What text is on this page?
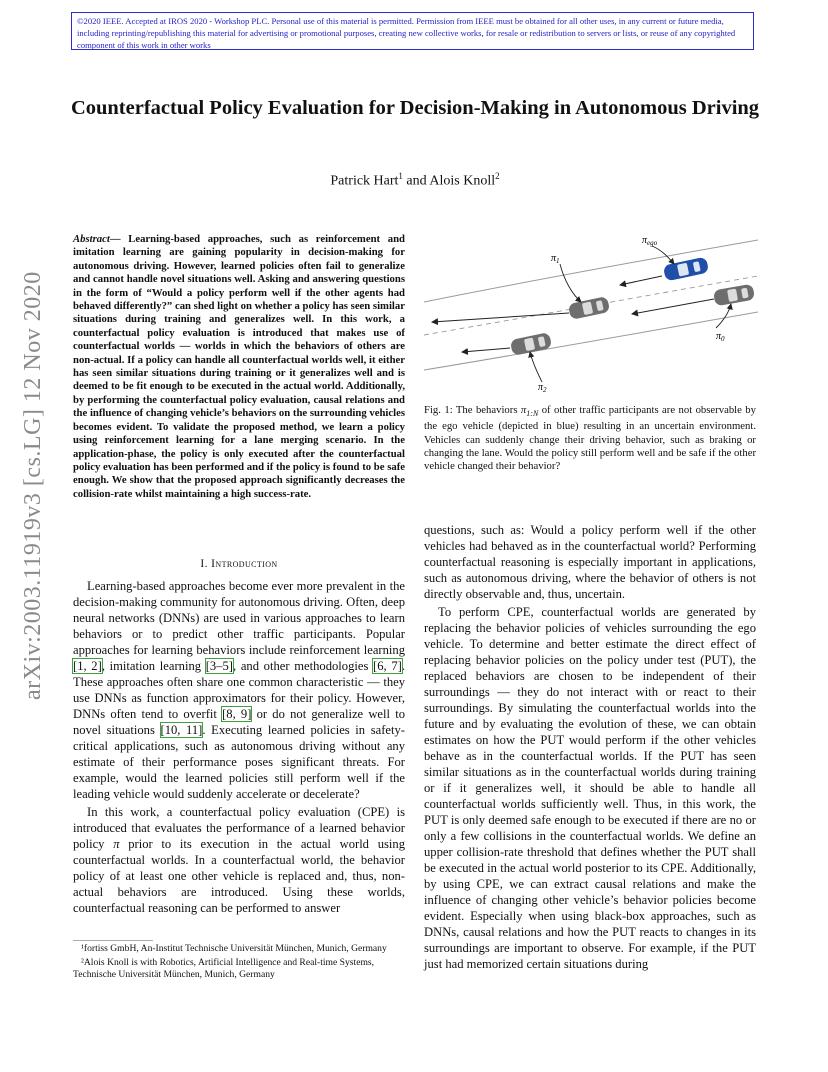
©2020 IEEE. Accepted at IROS 2020 - Workshop PLC. Personal use of this material is permitted. Permission from IEEE must be obtained for all other uses, in any current or future media, including reprinting/republishing this material for advertising or promotional purposes, creating new collective works, for resale or redistribution to servers or lists, or reuse of any copyrighted component of this work in other works
Counterfactual Policy Evaluation for Decision-Making in Autonomous Driving
Patrick Hart$^1$ and Alois Knoll$^2$
arXiv:2003.11919v3 [cs.LG] 12 Nov 2020
Abstract— Learning-based approaches, such as reinforcement and imitation learning are gaining popularity in decision-making for autonomous driving. However, learned policies often fail to generalize and cannot handle novel situations well. Asking and answering questions in the form of “Would a policy perform well if the other agents had behaved differently?” can shed light on whether a policy has seen similar situations during training and generalizes well. In this work, a counterfactual policy evaluation is introduced that makes use of counterfactual worlds — worlds in which the behaviors of others are non-actual. If a policy can handle all counterfactual worlds well, it either has seen similar situations during training or it generalizes well and is deemed to be fit enough to be executed in the actual world. Additionally, by performing the counterfactual policy evaluation, causal relations and the influence of changing vehicle’s behaviors on the surrounding vehicles becomes evident. To validate the proposed method, we learn a policy using reinforcement learning for a lane merging scenario. In the application-phase, the policy is only executed after the counterfactual policy evaluation has been performed and if the policy is found to be safe enough. We show that the proposed approach significantly decreases the collision-rate whilst maintaining a high success-rate.
I. Introduction

Learning-based approaches become ever more prevalent in the decision-making community for autonomous driving. Often, deep neural networks (DNNs) are used in various approaches to learn behaviors or to predict other traffic participants. Popular approaches for learning behaviors include reinforcement learning [1, 2], imitation learning [3–5], and other methodologies [6, 7]. These approaches often share one common characteristic — they use DNNs as function approximators for their policy. However, DNNs often tend to overfit [8, 9] or do not generalize well to novel situations [10, 11]. Executing learned policies in safety-critical applications, such as autonomous driving without any estimate of their performance poses significant threats. For example, would the learned policies still perform well if the leading vehicle would suddenly accelerate or decelerate?

In this work, a counterfactual policy evaluation (CPE) is introduced that evaluates the performance of a learned behavior policy π prior to its execution in the actual world using counterfactual worlds. In a counterfactual world, the behavior policy of at least one other vehicle is replaced and, thus, non-actual behaviors are introduced. Using these worlds, counterfactual reasoning can be performed to answer

¹fortiss GmbH, An-Institut Technische Universität München, Munich, Germany
²Alois Knoll is with Robotics, Artificial Intelligence and Real-time Systems, Technische Universität München, Munich, Germany
$\pi_{ego}$
$\pi_1$
$\pi_0$
$\pi_2$
Fig. 1: The behaviors $\pi_{1:N}$ of other traffic participants are not observable by the ego vehicle (depicted in blue) resulting in an uncertain environment. Vehicles can suddenly change their driving behavior, such as braking or changing the lane. Would the policy still perform well and be safe if the other vehicle changed their behavior?

questions, such as: Would a policy perform well if the other vehicles had behaved as in the counterfactual world? Performing counterfactual reasoning is especially important in applications, such as autonomous driving, where the behavior of others is not directly observable and, thus, uncertain.

To perform CPE, counterfactual worlds are generated by replacing the behavior policies of vehicles surrounding the ego vehicle. To determine and better estimate the direct effect of replacing behavior policies on the policy under test (PUT), the replaced behaviors are chosen to be independent of their surroundings — they do not interact with or react to their surroundings. By simulating the counterfactual worlds into the future and by evaluating the evolution of these, we can obtain estimates on how the PUT would perform if the other vehicles behave as in the counterfactual worlds. If the PUT has seen similar situations as in the counterfactual worlds during training or if it generalizes well, it should be able to handle all counterfactual worlds sufficiently well. Thus, in this work, the PUT is only deemed safe enough to be executed if there are no or only a few collisions in the counterfactual worlds. We define an upper collision-rate threshold that defines whether the PUT shall be executed in the actual world posterior to its CPE. Additionally, by using CPE, we can extract causal relations and make the influence of changing other vehicle’s behavior policies become evident. Especially when using black-box approaches, such as DNNs, causal relations and how the PUT reacts to changes in its surroundings are important to observe. For example, if the PUT just had memorized certain situations during
